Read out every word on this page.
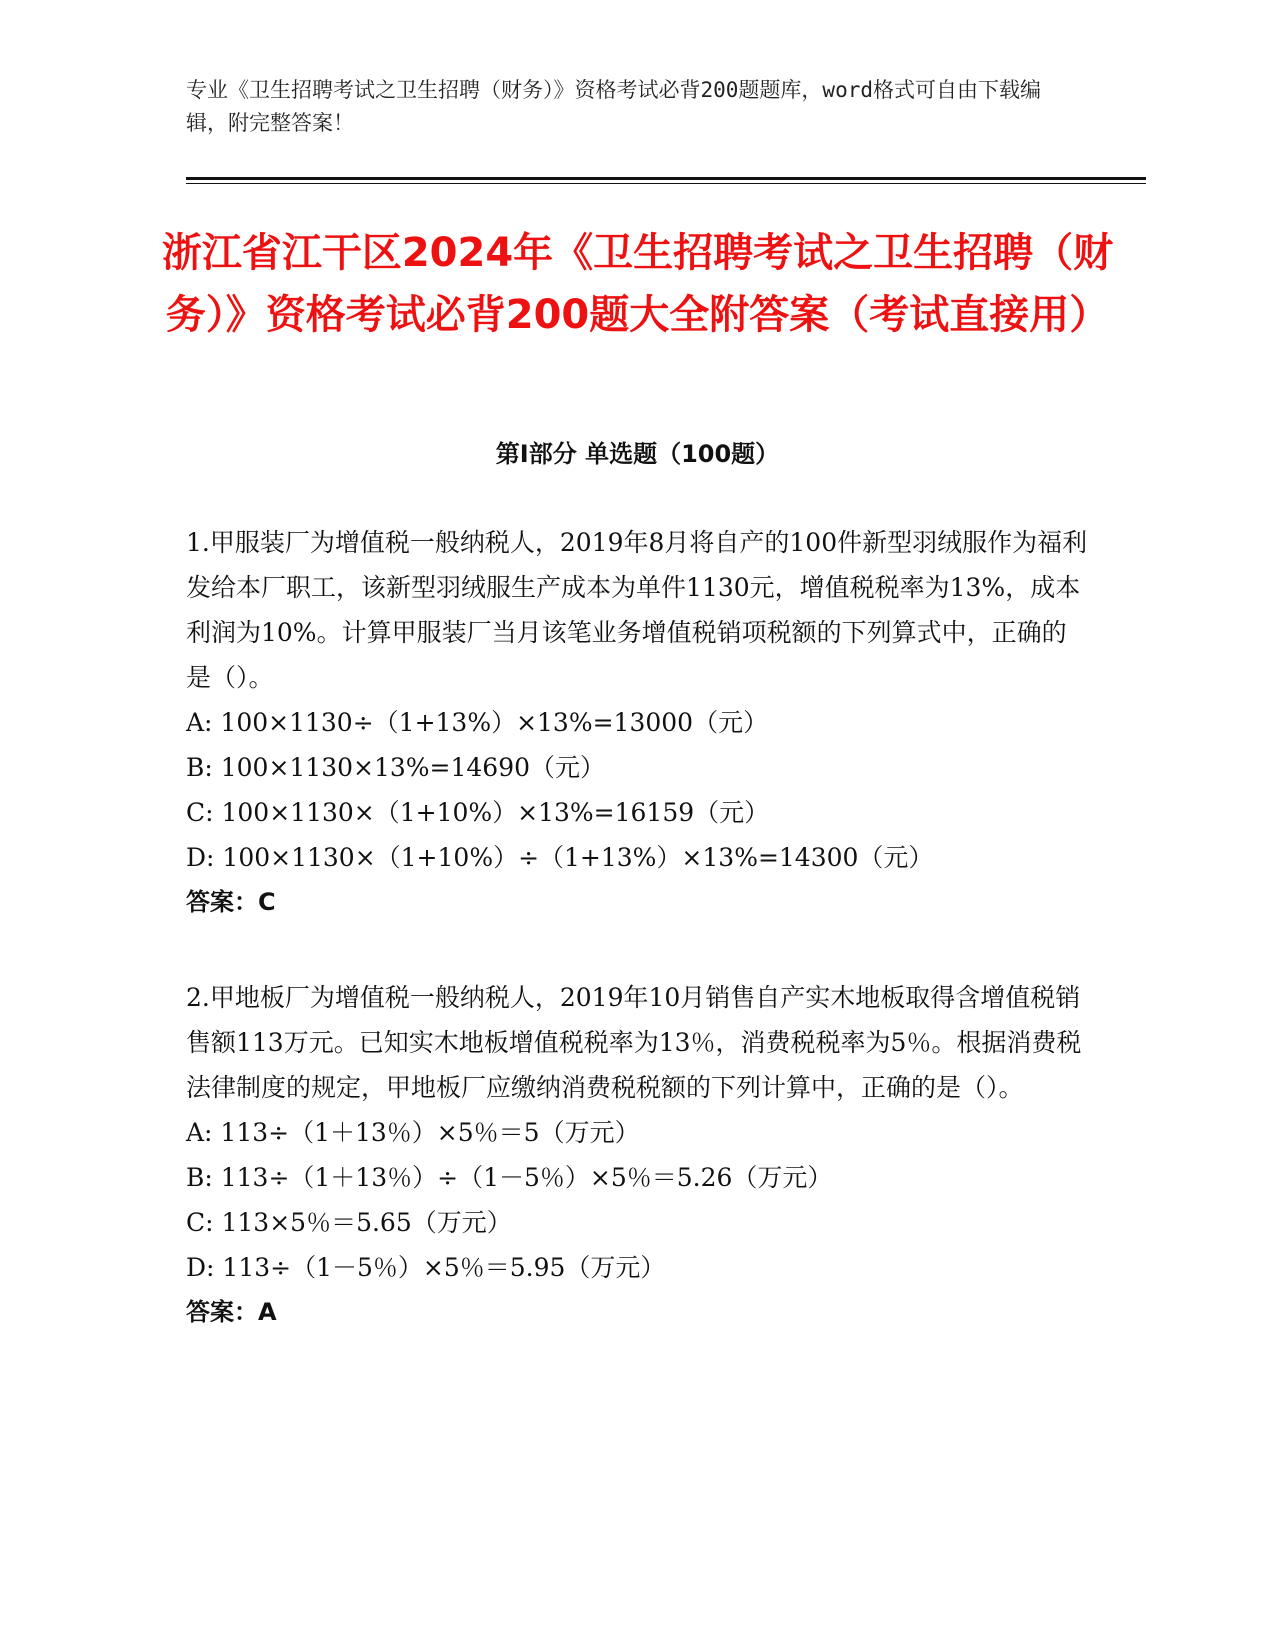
专业《卫生招聘考试之卫生招聘（财务）》资格考试必背200题题库，word格式可自由下载编辑，附完整答案！
浙江省江干区2024年《卫生招聘考试之卫生招聘（财务）》资格考试必背200题大全附答案（考试直接用）
第Ⅰ部分 单选题（100题）

1.甲服装厂为增值税一般纳税人，2019年8月将自产的100件新型羽绒服作为福利发给本厂职工，该新型羽绒服生产成本为单件1130元，增值税税率为13%，成本利润为10%。计算甲服装厂当月该笔业务增值税销项税额的下列算式中，正确的是（）。

A: 100×1130÷（1+13%）×13%=13000（元）

B: 100×1130×13%=14690（元）

C: 100×1130×（1+10%）×13%=16159（元）

D: 100×1130×（1+10%）÷（1+13%）×13%=14300（元）

答案：C

2.甲地板厂为增值税一般纳税人，2019年10月销售自产实木地板取得含增值税销售额113万元。已知实木地板增值税税率为13％，消费税税率为5％。根据消费税法律制度的规定，甲地板厂应缴纳消费税税额的下列计算中，正确的是（）。

A: 113÷（1＋13％）×5％＝5（万元）

B: 113÷（1＋13％）÷（1－5％）×5％＝5.26（万元）

C: 113×5％＝5.65（万元）

D: 113÷（1－5％）×5％＝5.95（万元）

答案：A
